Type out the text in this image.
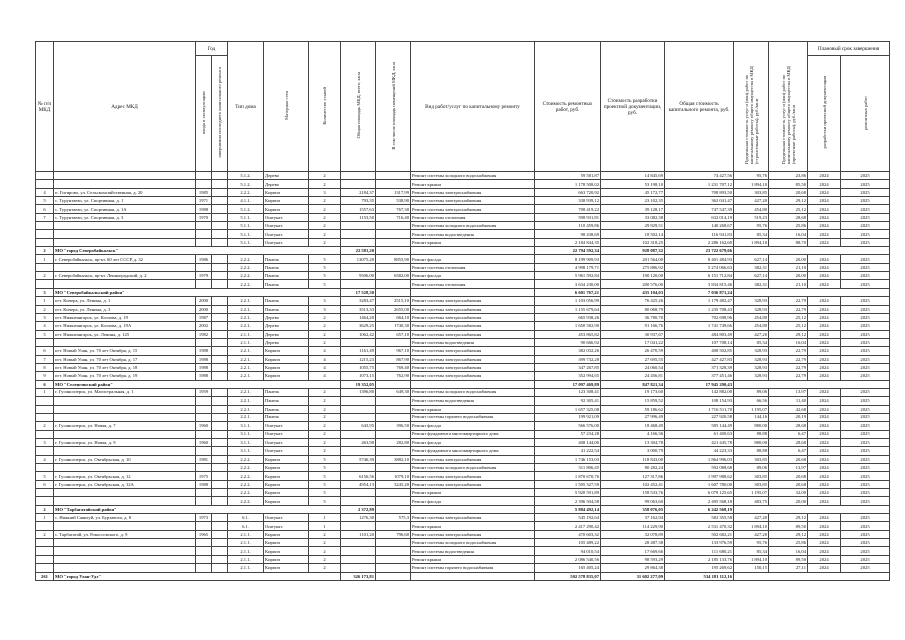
№ п/п МКД	Адрес МКД	Год		Тип дома	Материал стен	Количество этажей	Общая площадь МКД, всего, кв.м	В том числе площадь помещений МКД, кв.м	Вид работ/услуг по капитальному ремонту	Стоимость ремонтных работ, руб.	Стоимость разработки проектной документации, руб.	Общая стоимость капитального ремонта, руб.	Предельная стоимость услуг и (или) работ по капитальному ремонту общего имущества в МКД (строительные работы), руб./кв.м	Предельная стоимость услуг и (или) работ по капитальному ремонту общего имущества в МКД (проектные работы), руб./кв.м	Плановый срок завершения	
		ввода в эксплуатацию	завершения последнего капитального ремонта												разработки проектной документации	ремонтных работ

				5.1.2.	Дерево	2			Ремонт системы холодного водоснабжения	59 581,87	14 845,69	74 427,56	95,76	23,86	2024	2025
				5.1.2.	Дерево	2			Ремонт крыши	1 178 508,02	53 198,10	1 231 707,12	1 894,10	85,50	2024	2025
4	п. Гигирово, ул. Сельскохозяйственная, д. 20	1985		2.2.2.	Кирпич	3	2184,37	1317,99	Ремонт системы электроснабжения	663 720,92	45 172,77	708 893,50	303,85	20,68	2024	2025
5	с. Турунтаево, ул. Спортивная, д. 1	1971		4.1.1.	Кирпич	2	793,35	538,90	Ремонт системы электроснабжения	338 939,12	23 102,35	362 041,47	427,20	29,12	2024	2025
6	с. Турунтаево, ул. Спортивная, д. 1А	1988		5.1.2.	Кирпич	2	1557,63	767,30	Ремонт системы электроснабжения	708 419,22	39 128,17	747 547,39	454,80	25,12	2024	2025
7	с. Турунтаево, ул. Спортивная, д. 3	1970		5.1.1.	Оштукат.	2	1153,50	716,40	Ремонт системы отопления	598 931,81	33 082,38	632 014,19	519,23	28,68	2024	2025
				5.1.1.	Оштукат.	2			Ремонт системы холодного водоснабжения	110 459,86	29 829,51	140 268,67	95,76	25,86	2024	2025
				5.1.1.	Оштукат.	2			Ремонт системы водоотведения	98 438,69	18 502,14	116 941,83	85,34	16,04	2024	2025
				5.1.1.	Оштукат.	2			Ремонт крыши	2 184 844,35	102 318,25	2 286 162,60	1 894,10	88,70	2024	2025
2	МО "город Северобайкальск"						22 581,20			22 794 592,34	928 087,32	23 722 679,66				
1	г. Северобайкальск, пр-кт. 60 лет СССР, д. 32	1986		2.2.2.	Панель	5	13075,20	8855,90	Ремонт фасада	8 199 909,93	201 564,00	8 401 484,93	627,14	20,00	2024	2025
				2.2.2.	Панель	5			Ремонт системы отопления	4 998 179,71	275 886,92	5 274 066,63	382,31	21,10	2024	2025
2	г. Северобайкальск, пр-кт. Ленинградский, д. 2	1979		2.2.2.	Панель	5	9506,00	6582,00	Ремонт фасада	5 961 592,84	190 120,00	6 151 712,84	627,14	20,00	2024	2025
				2.2.2.	Панель	5			Ремонт системы отопления	3 634 230,00	200 576,00	3 834 815,46	382,31	21,10	2024	2025
3	МО "Северобайкальский район"						17 528,30			6 601 767,21	435 104,03	7 036 871,24				
1	пгт. Кичера, ул. Ленина, д. 1	2000		2.2.1.	Панель	3	3283,47	2515,10	Ремонт системы электроснабжения	1 103 056,99	76 425,26	1 179 482,47	328,93	22,79	2024	2025
2	пгт. Кичера, ул. Ленина, д. 3	2000		2.2.1.	Панель	3	3513,33	2655,00	Ремонт системы электроснабжения	1 155 679,64	80 068,79	1 235 708,43	328,93	22,79	2024	2025
3	пгт. Нижнеангарск, ул. Козлова, д. 19	1987		2.2.1.	Дерево	2	1464,20	664,10	Ремонт системы электроснабжения	665 938,26	36 780,70	702 698,96	454,80	25,12	2024	2025
4	пгт. Нижнеангарск, ул. Козлова, д. 19А	2002		2.2.1.	Дерево	2	3629,25	1740,30	Ремонт системы электроснабжения	1 650 582,90	91 166,76	1 741 749,66	454,80	25,12	2024	2025
5	пгт. Нижнеангарск, ул. Ленина, д. 125	1982		2.1.1.	Дерево	2	1062,42	657,10	Ремонт системы электроснабжения	453 865,82	30 937,67	484 803,49	427,20	29,12	2024	2025
				2.1.1.	Дерево	2			Ремонт системы водоотведения	90 666,92	17 041,22	107 708,14	85,34	16,04	2024	2025
6	пгт. Новый Уоян, ул. 70 лет Октября, д. 15	1988		2.2.1.	Кирпич	4	1161,49	967,10	Ремонт системы электроснабжения	382 032,26	26 470,59	408 502,85	328,93	22,79	2024	2025
7	пгт. Новый Уоян, ул. 70 лет Октября, д. 17	1988		2.2.1.	Кирпич	4	1215,23	867,90	Ремонт системы электроснабжения	399 732,28	27 695,55	427 427,83	328,93	22,79	2024	2025
8	пгт. Новый Уоян, ул. 70 лет Октября, д. 18	1988		2.2.1.	Кирпич	4	1055,75	769,40	Ремонт системы электроснабжения	347 267,85	24 060,54	371 328,39	328,93	22,79	2024	2025
9	пгт. Новый Уоян, ул. 70 лет Октября, д. 19	1988		2.2.1.	Кирпич	4	1073,15	762,90	Ремонт системы электроснабжения	352 994,65	24 456,81	377 451,46	328,93	22,79	2024	2025
6	МО "Селенгинский район"						19 352,05			17 097 469,89	847 821,34	17 945 290,43				
1	г. Гусиноозерск, ул. Магистральная, д. 1	1959		2.2.1.	Панель	2	1396,80	649,30	Ремонт системы холодного водоснабжения	123 308,41	19 173,60	142 882,00	89,06	13,97	2024	2025
				2.2.1.	Панель	2			Ремонт системы водоотведения	92 305,41	15 859,52	108 154,93	66,56	11,40	2024	2025
				2.2.1.	Панель	2			Ремонт крыши	1 657 325,08	59 186,62	1 716 511,70	1 195,07	42,68	2024	2025
				2.2.1.	Панель	2			Ремонт системы горячего водоснабжения	199 921,09	27 996,49	227 920,58	144,16	20,19	2024	2025
2	г. Гусиноозерск, ул. Новая, д. 7	1960		3.1.1.	Оштукат.	2	643,95	396,50	Ремонт фасада	566 576,00	18 468,49	585 144,49	880,00	28,68	2024	2025
				3.1.1.	Оштукат.	2			Ремонт фундамента многоквартирного дома	57 234,28	4 166,36	61 400,63	88,88	6,47	2024	2025
3	г. Гусиноозерск, ул. Новая, д. 9	1960		3.1.1.	Оштукат.	2	463,90	282,80	Ремонт фасада	408 144,00	13 304,78	421 445,78	880,00	28,68	2024	2025
				3.1.1.	Оштукат.	2			Ремонт фундамента многоквартирного дома	41 222,54	3 000,79	44 223,33	88,88	6,47	2024	2025
4	г. Гусиноозерск, ул. Октябрьская, д. 10	1981		2.2.2.	Кирпич	5	5746,39	3882,10	Ремонт системы электроснабжения	1 746 153,03	118 843,00	1 864 996,03	303,85	20,68	2024	2025
				2.2.2.	Кирпич	5			Ремонт системы холодного водоснабжения	511 806,45	80 282,24	592 088,68	89,06	13,97	2024	2025
5	г. Гусиноозерск, ул. Октябрьская, д. 12	1975		2.2.2.	Кирпич	5	6156,56	1079,10	Ремонт системы электроснабжения	1 870 670,76	127 317,86	1 997 988,62	303,85	20,68	2024	2025
6	г. Гусиноозерск, ул. Октябрьская, д. 12А	1988		2.2.2.	Кирпич	5	4954,13	3245,20	Ремонт системы электроснабжения	1 505 327,59	102 452,41	1 607 780,00	303,85	20,68	2024	2025
				2.2.2.	Кирпич	5			Ремонт крыши	5 920 591,89	158 533,76	6 079 125,65	1 195,07	32,00	2024	2025
				2.2.2.	Кирпич	5			Ремонт фасада	2 396 504,58	99 063,60	2 495 568,18	483,75	20,00	2024	2025
2	МО "Тарбагатайский район"						2 372,89			5 884 492,14	358 076,05	6 242 568,19				
1	с. Нижний Саянтуй, ул. Бурзавоха, д. 8	1973		6.1.	Оштукат.	1	1276,30	575,3	Ремонт системы электроснабжения	545 192,64	37 162,94	582 355,58	427,20	29,12	2024	2025
				6.1.	Оштукат.	1			Ремонт крыши	2 417 290,42	114 229,90	2 531 470,32	1 894,10	89,50	2024	2025
2	с. Тарбагатай, ул. Рокоссовского, д. 9	1965		2.1.1.	Кирпич	2	1101,20	796,60	Ремонт системы электроснабжения	470 603,32	32 078,89	502 682,21	427,20	29,12	2024	2025
				2.1.1.	Кирпич	2			Ремонт системы холодного водоснабжения	105 489,22	28 487,38	133 976,59	95,76	25,86	2024	2025
				2.1.1.	Кирпич	2			Ремонт системы водоотведения	94 010,54	17 669,66	111 680,21	85,34	16,04	2024	2025
				2.1.1.	Кирпич	2			Ремонт крыши	2 086 540,56	98 593,29	2 185 133,76	1 894,10	89,50	2024	2025
				2.1.1.	Кирпич	2			Ремонт системы горячего водоснабжения	165 405,24	29 864,38	195 269,62	150,15	27,11	2024	2025
261	МО "город Улан-Удэ"						326 173,81			502 578 835,07	31 602 277,09	534 181 112,16				
